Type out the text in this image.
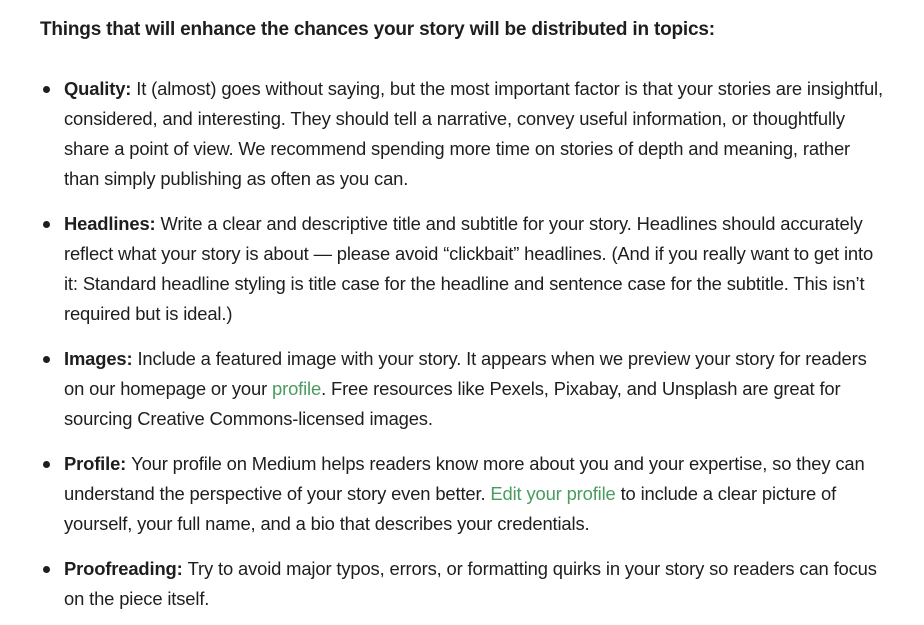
Things that will enhance the chances your story will be distributed in topics:

Quality: It (almost) goes without saying, but the most important factor is that your stories are insightful, considered, and interesting. They should tell a narrative, convey useful information, or thoughtfully share a point of view. We recommend spending more time on stories of depth and meaning, rather than simply publishing as often as you can.
Headlines: Write a clear and descriptive title and subtitle for your story. Headlines should accurately reflect what your story is about — please avoid “clickbait” headlines. (And if you really want to get into it: Standard headline styling is title case for the headline and sentence case for the subtitle. This isn’t required but is ideal.)
Images: Include a featured image with your story. It appears when we preview your story for readers on our homepage or your profile. Free resources like Pexels, Pixabay, and Unsplash are great for sourcing Creative Commons-licensed images.
Profile: Your profile on Medium helps readers know more about you and your expertise, so they can understand the perspective of your story even better. Edit your profile to include a clear picture of yourself, your full name, and a bio that describes your credentials.
Proofreading: Try to avoid major typos, errors, or formatting quirks in your story so readers can focus on the piece itself.
